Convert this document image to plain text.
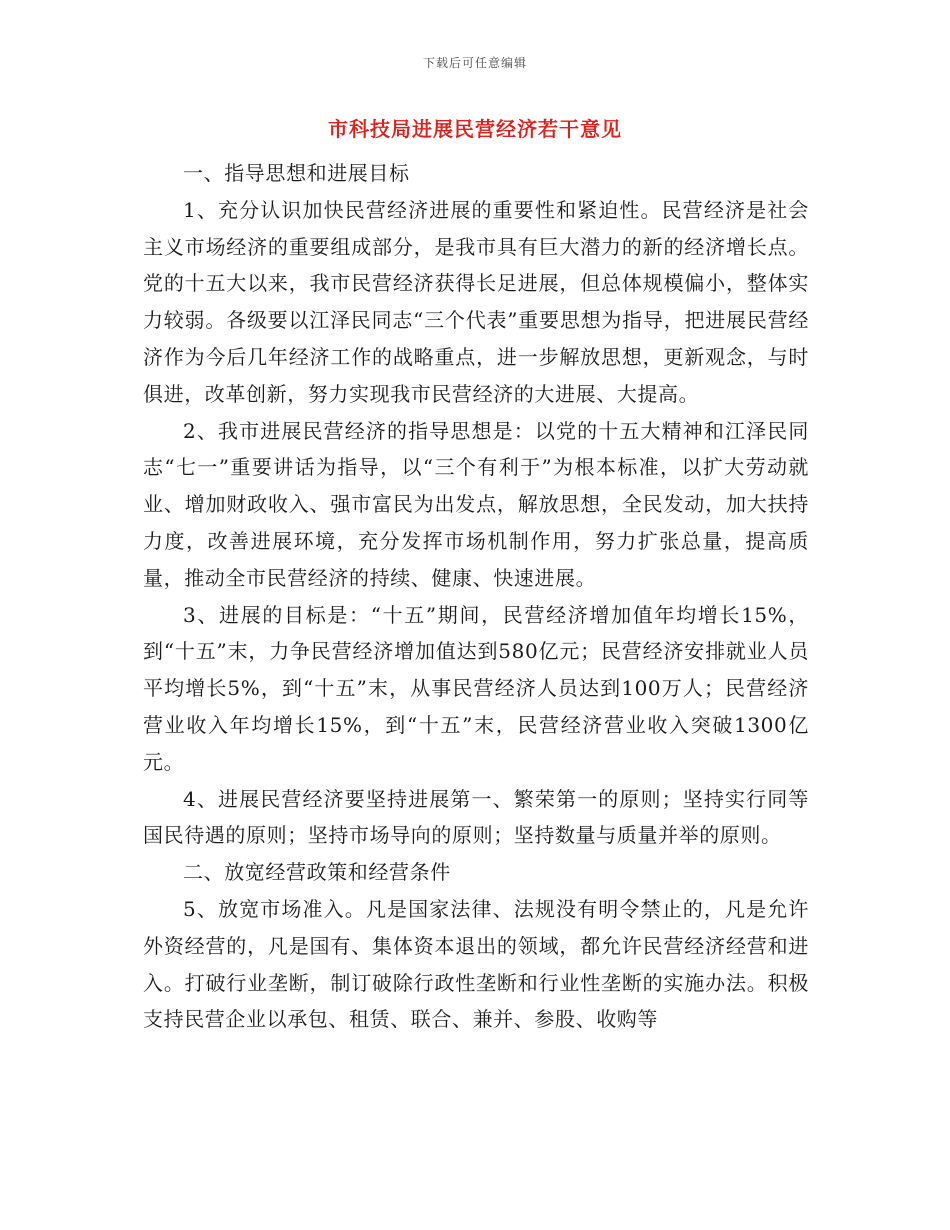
下载后可任意编辑
市科技局进展民营经济若干意见

一、指导思想和进展目标

1、充分认识加快民营经济进展的重要性和紧迫性。民营经济是社会主义市场经济的重要组成部分，是我市具有巨大潜力的新的经济增长点。党的十五大以来，我市民营经济获得长足进展，但总体规模偏小，整体实力较弱。各级要以江泽民同志“三个代表”重要思想为指导，把进展民营经济作为今后几年经济工作的战略重点，进一步解放思想，更新观念，与时俱进，改革创新，努力实现我市民营经济的大进展、大提高。

2、我市进展民营经济的指导思想是：以党的十五大精神和江泽民同志“七一”重要讲话为指导，以“三个有利于”为根本标准，以扩大劳动就业、增加财政收入、强市富民为出发点，解放思想，全民发动，加大扶持力度，改善进展环境，充分发挥市场机制作用，努力扩张总量，提高质量，推动全市民营经济的持续、健康、快速进展。

3、进展的目标是：“十五”期间，民营经济增加值年均增长15%，到“十五”末，力争民营经济增加值达到580亿元；民营经济安排就业人员平均增长5%，到“十五”末，从事民营经济人员达到100万人；民营经济营业收入年均增长15%，到“十五”末，民营经济营业收入突破1300亿元。

4、进展民营经济要坚持进展第一、繁荣第一的原则；坚持实行同等国民待遇的原则；坚持市场导向的原则；坚持数量与质量并举的原则。

二、放宽经营政策和经营条件

5、放宽市场准入。凡是国家法律、法规没有明令禁止的，凡是允许外资经营的，凡是国有、集体资本退出的领域，都允许民营经济经营和进入。打破行业垄断，制订破除行政性垄断和行业性垄断的实施办法。积极支持民营企业以承包、租赁、联合、兼并、参股、收购等
